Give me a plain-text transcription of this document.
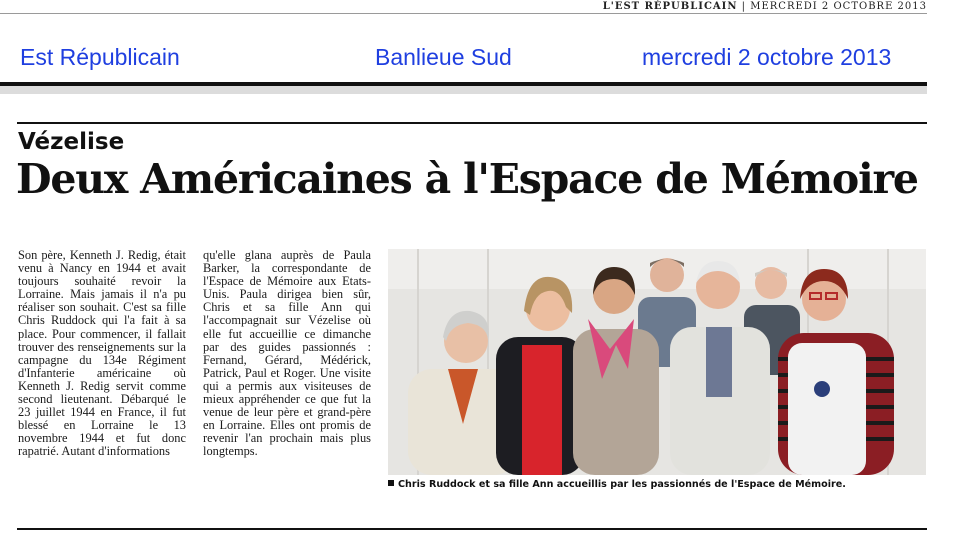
L'EST RÉPUBLICAIN | MERCREDI 2 OCTOBRE 2013
Est Républicain	Banlieue Sud	mercredi 2 octobre 2013
Vézelise
Deux Américaines à l'Espace de Mémoire
Son père, Kenneth J. Redig, était venu à Nancy en 1944 et avait toujours souhaité revoir la Lorraine. Mais jamais il n'a pu réaliser son souhait. C'est sa fille Chris Ruddock qui l'a fait à sa place. Pour commencer, il fallait trouver des renseignements sur la campagne du 134e Régiment d'Infanterie américaine où Kenneth J. Redig servit comme second lieutenant. Débarqué le 23 juillet 1944 en France, il fut blessé en Lorraine le 13 novembre 1944 et fut donc rapatrié. Autant d'informations
qu'elle glana auprès de Paula Barker, la correspondante de l'Espace de Mémoire aux Etats-Unis. Paula dirigea bien sûr, Chris et sa fille Ann qui l'accompagnait sur Vézelise où elle fut accueillie ce dimanche par des guides passionnés : Fernand, Gérard, Médérick, Patrick, Paul et Roger. Une visite qui a permis aux visiteuses de mieux appréhender ce que fut la venue de leur père et grand-père en Lorraine. Elles ont promis de revenir l'an prochain mais plus longtemps.
Chris Ruddock et sa fille Ann accueillis par les passionnés de l'Espace de Mémoire.
